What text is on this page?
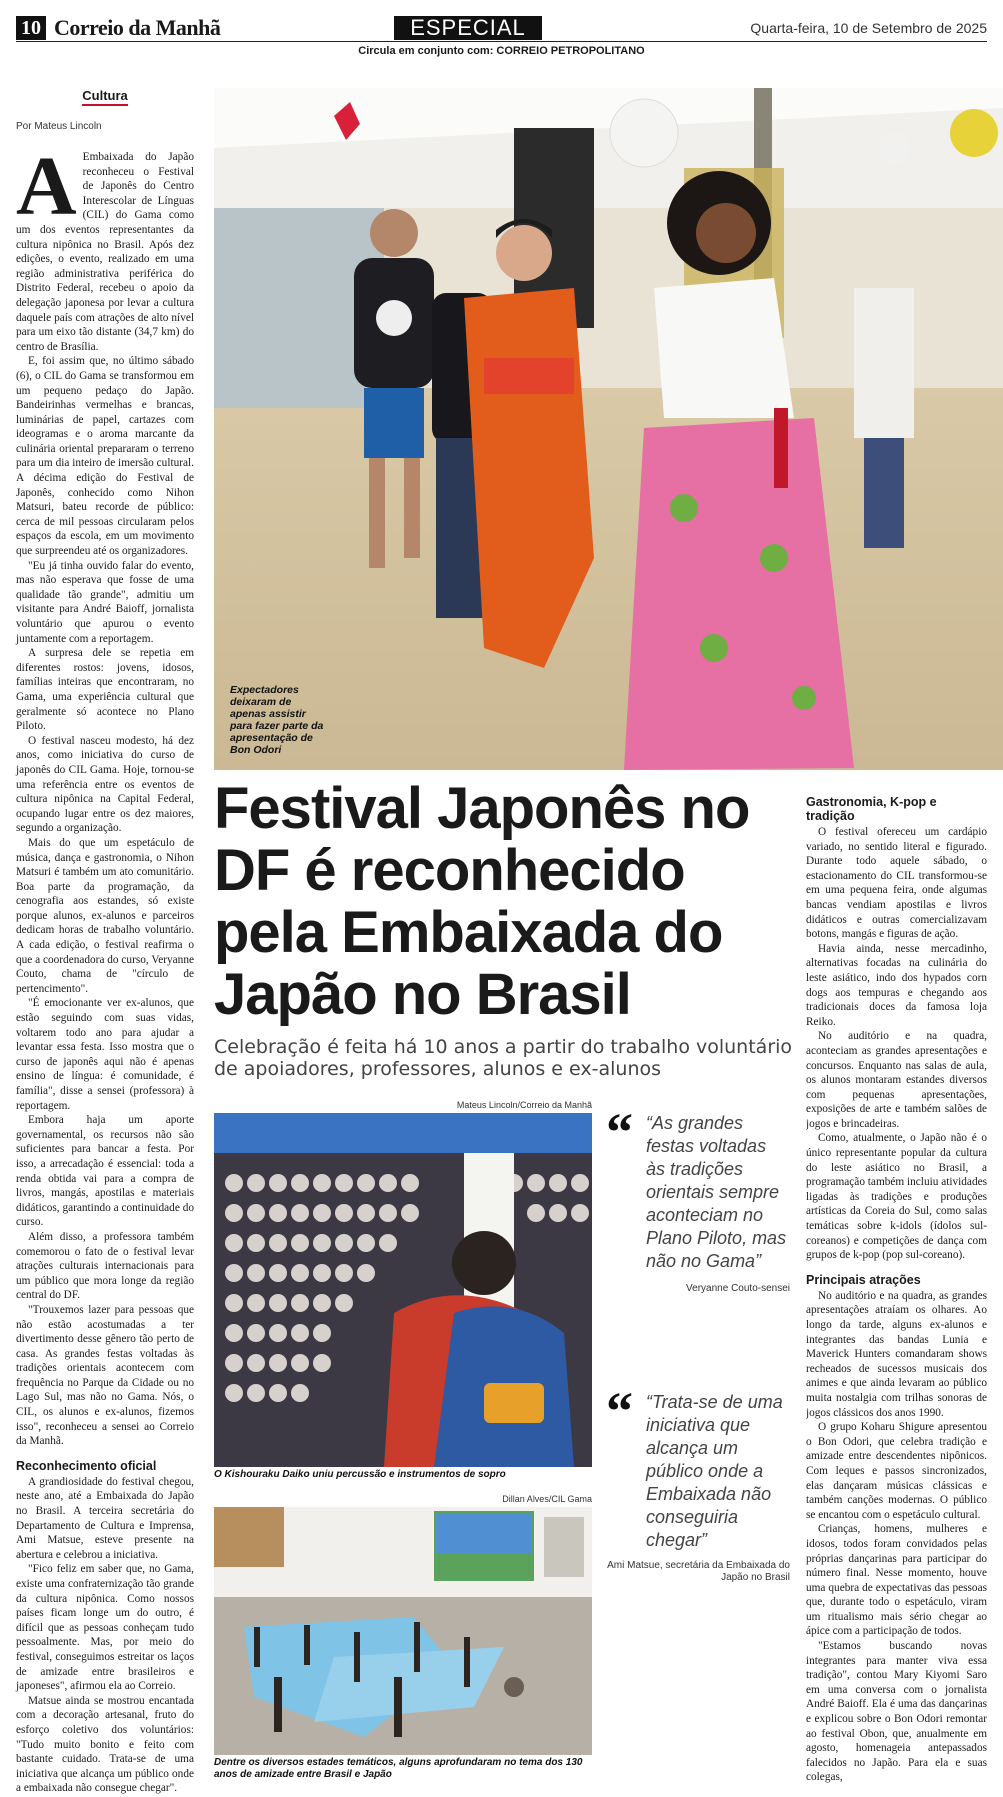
10 Correio da Manhã	ESPECIAL	Quarta-feira, 10 de Setembro de 2025
Circula em conjunto com: CORREIO PETROPOLITANO
Cultura
Por Mateus Lincoln

A Embaixada do Japão reconheceu o Festival de Japonês do Centro Interescolar de Línguas (CIL) do Gama como um dos eventos representantes da cultura nipônica no Brasil. Após dez edições, o evento, realizado em uma região administrativa periférica do Distrito Federal, recebeu o apoio da delegação japonesa por levar a cultura daquele país com atrações de alto nível para um eixo tão distante (34,7 km) do centro de Brasília.

E, foi assim que, no último sábado (6), o CIL do Gama se transformou em um pequeno pedaço do Japão. Bandeirinhas vermelhas e brancas, luminárias de papel, cartazes com ideogramas e o aroma marcante da culinária oriental prepararam o terreno para um dia inteiro de imersão cultural. A décima edição do Festival de Japonês, conhecido como Nihon Matsuri, bateu recorde de público: cerca de mil pessoas circularam pelos espaços da escola, em um movimento que surpreendeu até os organizadores.

"Eu já tinha ouvido falar do evento, mas não esperava que fosse de uma qualidade tão grande", admitiu um visitante para André Baioff, jornalista voluntário que apurou o evento juntamente com a reportagem.

A surpresa dele se repetia em diferentes rostos: jovens, idosos, famílias inteiras que encontraram, no Gama, uma experiência cultural que geralmente só acontece no Plano Piloto.

O festival nasceu modesto, há dez anos, como iniciativa do curso de japonês do CIL Gama. Hoje, tornou-se uma referência entre os eventos de cultura nipônica na Capital Federal, ocupando lugar entre os dez maiores, segundo a organização.

Mais do que um espetáculo de música, dança e gastronomia, o Nihon Matsuri é também um ato comunitário. Boa parte da programação, da cenografia aos estandes, só existe porque alunos, ex-alunos e parceiros dedicam horas de trabalho voluntário. A cada edição, o festival reafirma o que a coordenadora do curso, Veryanne Couto, chama de "círculo de pertencimento".

"É emocionante ver ex-alunos, que estão seguindo com suas vidas, voltarem todo ano para ajudar a levantar essa festa. Isso mostra que o curso de japonês aqui não é apenas ensino de língua: é comunidade, é família", disse a sensei (professora) à reportagem.

Embora haja um aporte governamental, os recursos não são suficientes para bancar a festa. Por isso, a arrecadação é essencial: toda a renda obtida vai para a compra de livros, mangás, apostilas e materiais didáticos, garantindo a continuidade do curso.

Além disso, a professora também comemorou o fato de o festival levar atrações culturais internacionais para um público que mora longe da região central do DF.

"Trouxemos lazer para pessoas que não estão acostumadas a ter divertimento desse gênero tão perto de casa. As grandes festas voltadas às tradições orientais acontecem com frequência no Parque da Cidade ou no Lago Sul, mas não no Gama. Nós, o CIL, os alunos e ex-alunos, fizemos isso", reconheceu a sensei ao Correio da Manhã.

Reconhecimento oficial

A grandiosidade do festival chegou, neste ano, até a Embaixada do Japão no Brasil. A terceira secretária do Departamento de Cultura e Imprensa, Ami Matsue, esteve presente na abertura e celebrou a iniciativa.

"Fico feliz em saber que, no Gama, existe uma confraternização tão grande da cultura nipônica. Como nossos países ficam longe um do outro, é difícil que as pessoas conheçam tudo pessoalmente. Mas, por meio do festival, conseguimos estreitar os laços de amizade entre brasileiros e japoneses", afirmou ela ao Correio.

Matsue ainda se mostrou encantada com a decoração artesanal, fruto do esforço coletivo dos voluntários: "Tudo muito bonito e feito com bastante cuidado. Trata-se de uma iniciativa que alcança um público onde a embaixada não consegue chegar".

Expectadores deixaram de apenas assistir para fazer parte da apresentação de Bon Odori
Festival Japonês no DF é reconhecido pela Embaixada do Japão no Brasil
Celebração é feita há 10 anos a partir do trabalho voluntário de apoiadores, professores, alunos e ex-alunos
Mateus Lincoln/Correio da Manhã
O Kishouraku Daiko uniu percussão e instrumentos de sopro
Dillan Alves/CIL Gama
Dentre os diversos estades temáticos, alguns aprofundaram no tema dos 130 anos de amizade entre Brasil e Japão
“ “As grandes festas voltadas às tradições orientais sempre aconteciam no Plano Piloto, mas não no Gama”
Veryanne Couto-sensei
“ “Trata-se de uma iniciativa que alcança um público onde a Embaixada não conseguiria chegar”
Ami Matsue, secretária da Embaixada do Japão no Brasil
Gastronomia, K-pop e tradição

O festival ofereceu um cardápio variado, no sentido literal e figurado. Durante todo aquele sábado, o estacionamento do CIL transformou-se em uma pequena feira, onde algumas bancas vendiam apostilas e livros didáticos e outras comercializavam botons, mangás e figuras de ação.

Havia ainda, nesse mercadinho, alternativas focadas na culinária do leste asiático, indo dos hypados corn dogs aos tempuras e chegando aos tradicionais doces da famosa loja Reiko.

No auditório e na quadra, aconteciam as grandes apresentações e concursos. Enquanto nas salas de aula, os alunos montaram estandes diversos com pequenas apresentações, exposições de arte e também salões de jogos e brincadeiras.

Como, atualmente, o Japão não é o único representante popular da cultura do leste asiático no Brasil, a programação também incluiu atividades ligadas às tradições e produções artísticas da Coreia do Sul, como salas temáticas sobre k-idols (ídolos sul-coreanos) e competições de dança com grupos de k-pop (pop sul-coreano).

Principais atrações

No auditório e na quadra, as grandes apresentações atraíam os olhares. Ao longo da tarde, alguns ex-alunos e integrantes das bandas Lunia e Maverick Hunters comandaram shows recheados de sucessos musicais dos animes e que ainda levaram ao público muita nostalgia com trilhas sonoras de jogos clássicos dos anos 1990.

O grupo Koharu Shigure apresentou o Bon Odori, que celebra tradição e amizade entre descendentes nipônicos. Com leques e passos sincronizados, elas dançaram músicas clássicas e também canções modernas. O público se encantou com o espetáculo cultural.

Crianças, homens, mulheres e idosos, todos foram convidados pelas próprias dançarinas para participar do número final. Nesse momento, houve uma quebra de expectativas das pessoas que, durante todo o espetáculo, viram um ritualismo mais sério chegar ao ápice com a participação de todos.

"Estamos buscando novas integrantes para manter viva essa tradição", contou Mary Kiyomi Saro em uma conversa com o jornalista André Baioff. Ela é uma das dançarinas e explicou sobre o Bon Odori remontar ao festival Obon, que, anualmente em agosto, homenageia antepassados falecidos no Japão. Para ela e suas colegas,
